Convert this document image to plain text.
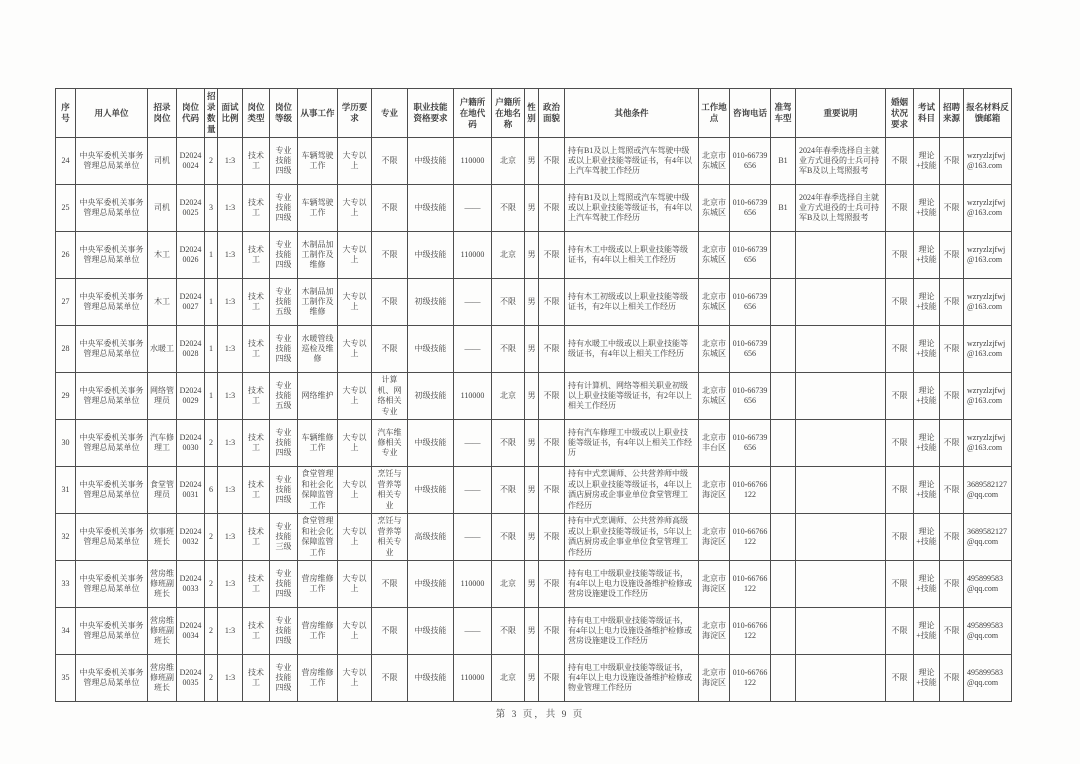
序号	用人单位	招录岗位	岗位代码	招录数量	面试比例	岗位类型	岗位等级	从事工作	学历要求	专业	职业技能资格要求	户籍所在地代码	户籍所在地名称	性别	政治面貌	其他条件	工作地点	咨询电话	准驾车型	重要说明	婚姻状况要求	考试科目	招聘来源	报名材料反馈邮箱
24	中央军委机关事务管理总局某单位	司机	D20240024	2	1:3	技术工	专业技能四级	车辆驾驶工作	大专以上	不限	中级技能	110000	北京	男	不限	持有B1及以上驾照或汽车驾驶中级或以上职业技能等级证书，有4年以上汽车驾驶工作经历	北京市东城区	010-66739656	B1	2024年春季选择自主就业方式退役的士兵可持军B及以上驾照报考	不限	理论+技能	不限	wzryzlzjfwj@163.com
25	中央军委机关事务管理总局某单位	司机	D20240025	3	1:3	技术工	专业技能四级	车辆驾驶工作	大专以上	不限	中级技能	——	不限	男	不限	持有B1及以上驾照或汽车驾驶中级或以上职业技能等级证书，有4年以上汽车驾驶工作经历	北京市东城区	010-66739656	B1	2024年春季选择自主就业方式退役的士兵可持军B及以上驾照报考	不限	理论+技能	不限	wzryzlzjfwj@163.com
26	中央军委机关事务管理总局某单位	木工	D20240026	1	1:3	技术工	专业技能四级	木制品加工制作及维修	大专以上	不限	中级技能	110000	北京	男	不限	持有木工中级或以上职业技能等级证书，有4年以上相关工作经历	北京市东城区	010-66739656			不限	理论+技能	不限	wzryzlzjfwj@163.com
27	中央军委机关事务管理总局某单位	木工	D20240027	1	1:3	技术工	专业技能五级	木制品加工制作及维修	大专以上	不限	初级技能	——	不限	男	不限	持有木工初级或以上职业技能等级证书，有2年以上相关工作经历	北京市东城区	010-66739656			不限	理论+技能	不限	wzryzlzjfwj@163.com
28	中央军委机关事务管理总局某单位	水暖工	D20240028	1	1:3	技术工	专业技能四级	水暖管线巡检及维修	大专以上	不限	中级技能	——	不限	男	不限	持有水暖工中级或以上职业技能等级证书，有4年以上相关工作经历	北京市东城区	010-66739656			不限	理论+技能	不限	wzryzlzjfwj@163.com
29	中央军委机关事务管理总局某单位	网络管理员	D20240029	1	1:3	技术工	专业技能五级	网络维护	大专以上	计算机、网络相关专业	初级技能	110000	北京	男	不限	持有计算机、网络等相关职业初级以上职业技能等级证书，有2年以上相关工作经历	北京市东城区	010-66739656			不限	理论+技能	不限	wzryzlzjfwj@163.com
30	中央军委机关事务管理总局某单位	汽车修理工	D20240030	2	1:3	技术工	专业技能四级	车辆维修工作	大专以上	汽车维修相关专业	中级技能	——	不限	男	不限	持有汽车修理工中级或以上职业技能等级证书，有4年以上相关工作经历	北京市丰台区	010-66739656			不限	理论+技能	不限	wzryzlzjfwj@163.com
31	中央军委机关事务管理总局某单位	食堂管理员	D20240031	6	1:3	技术工	专业技能四级	食堂管理和社会化保障监管工作	大专以上	烹饪与营养等相关专业	中级技能	——	不限	男	不限	持有中式烹调师、公共营养师中级或以上职业技能等级证书，4年以上酒店厨房或企事业单位食堂管理工作经历	北京市海淀区	010-66766122			不限	理论+技能	不限	3689582127@qq.com
32	中央军委机关事务管理总局某单位	炊事班班长	D20240032	2	1:3	技术工	专业技能三级	食堂管理和社会化保障监管工作	大专以上	烹饪与营养等相关专业	高级技能	——	不限	男	不限	持有中式烹调师、公共营养师高级或以上职业技能等级证书，5年以上酒店厨房或企事业单位食堂管理工作经历	北京市海淀区	010-66766122			不限	理论+技能	不限	3689582127@qq.com
33	中央军委机关事务管理总局某单位	营房维修班副班长	D20240033	2	1:3	技术工	专业技能四级	营房维修工作	大专以上	不限	中级技能	110000	北京	男	不限	持有电工中级职业技能等级证书，有4年以上电力设施设备维护检修或营房设施建设工作经历	北京市海淀区	010-66766122			不限	理论+技能	不限	495899583@qq.com
34	中央军委机关事务管理总局某单位	营房维修班副班长	D20240034	2	1:3	技术工	专业技能四级	营房维修工作	大专以上	不限	中级技能	——	不限	男	不限	持有电工中级职业技能等级证书，有4年以上电力设施设备维护检修或营房设施建设工作经历	北京市海淀区	010-66766122			不限	理论+技能	不限	495899583@qq.com
35	中央军委机关事务管理总局某单位	营房维修班副班长	D20240035	2	1:3	技术工	专业技能四级	营房维修工作	大专以上	不限	中级技能	110000	北京	男	不限	持有电工中级职业技能等级证书，有4年以上电力设施设备维护检修或物业管理工作经历	北京市海淀区	010-66766122			不限	理论+技能	不限	495899583@qq.com
第 3 页，共 9 页
